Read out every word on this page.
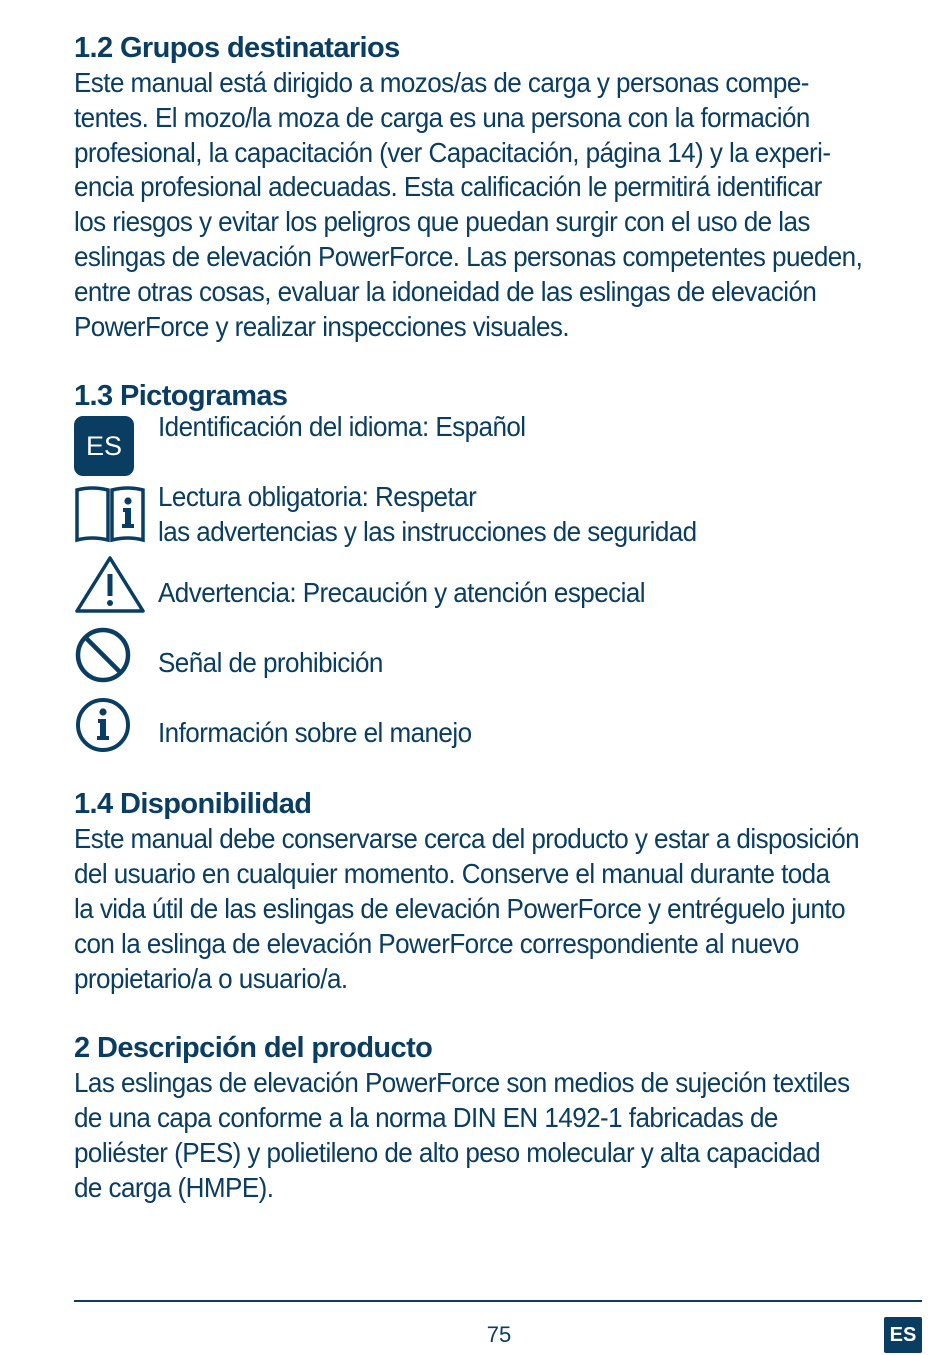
1.2 Grupos destinatarios
Este manual está dirigido a mozos/as de carga y personas compe-
tentes. El mozo/la moza de carga es una persona con la formación
profesional, la capacitación (ver Capacitación, página 14) y la experi-
encia profesional adecuadas. Esta calificación le permitirá identificar
los riesgos y evitar los peligros que puedan surgir con el uso de las
eslingas de elevación PowerForce. Las personas competentes pueden,
entre otras cosas, evaluar la idoneidad de las eslingas de elevación
PowerForce y realizar inspecciones visuales.
1.3 Pictogramas
ES
Identificación del idioma: Español
Lectura obligatoria: Respetar
las advertencias y las instrucciones de seguridad
Advertencia: Precaución y atención especial
Señal de prohibición
Información sobre el manejo
1.4 Disponibilidad
Este manual debe conservarse cerca del producto y estar a disposición
del usuario en cualquier momento. Conserve el manual durante toda
la vida útil de las eslingas de elevación PowerForce y entréguelo junto
con la eslinga de elevación PowerForce correspondiente al nuevo
propietario/a o usuario/a.
2 Descripción del producto
Las eslingas de elevación PowerForce son medios de sujeción textiles
de una capa conforme a la norma DIN EN 1492-1 fabricadas de
poliéster (PES) y polietileno de alto peso molecular y alta capacidad
de carga (HMPE).
75	ES
